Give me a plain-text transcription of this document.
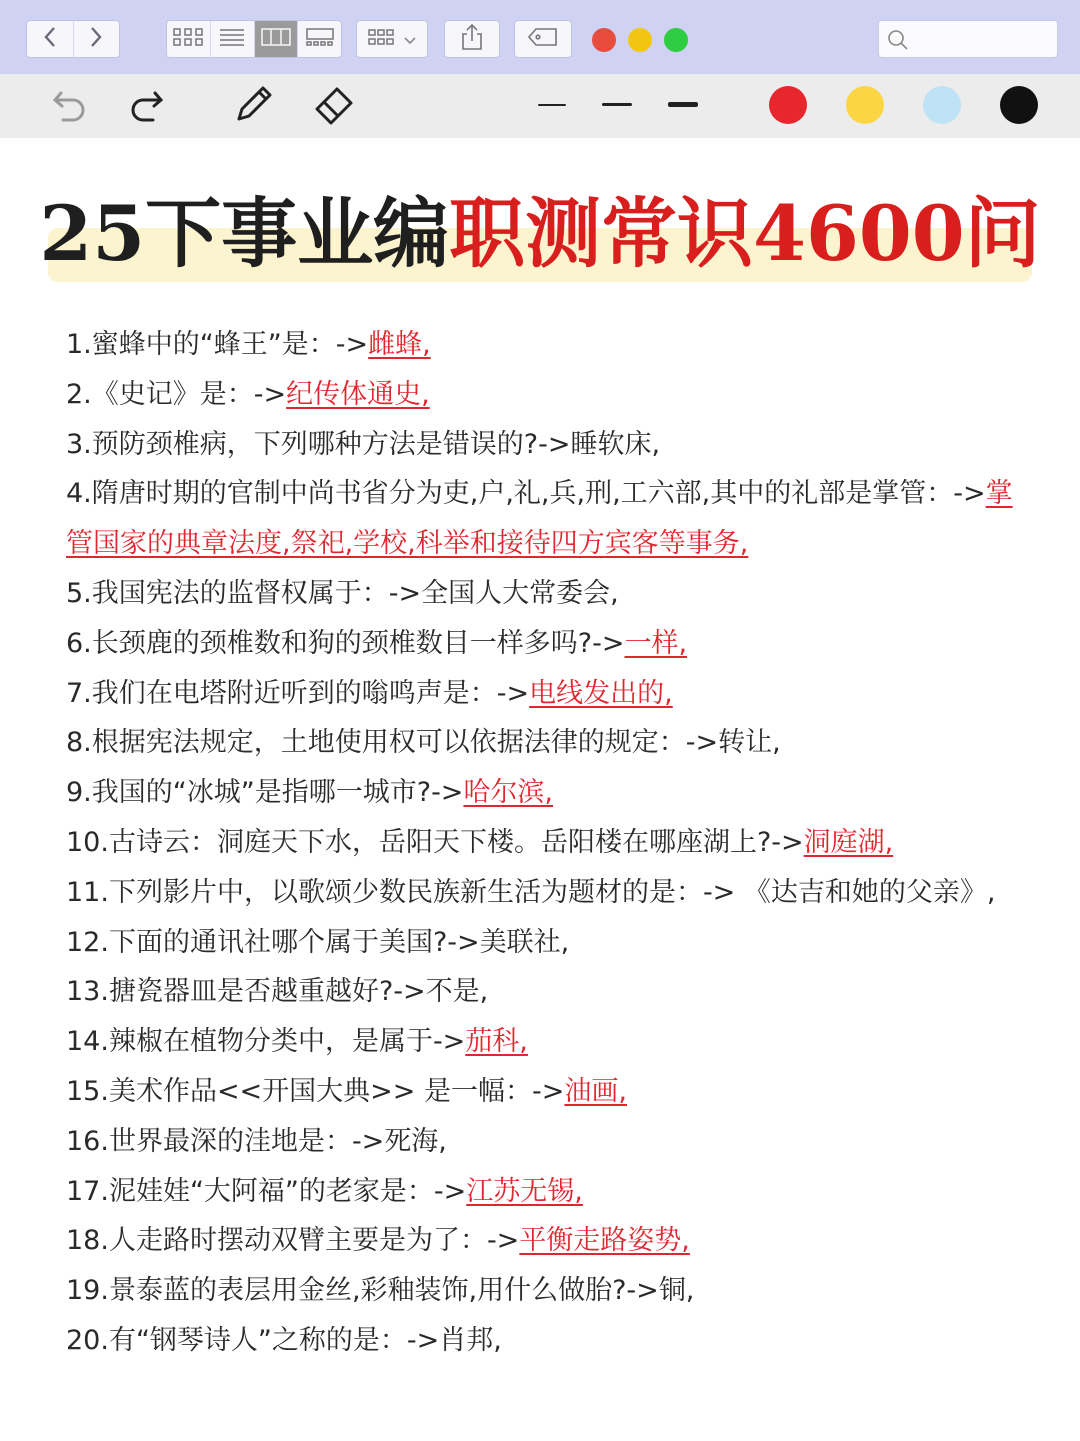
25下事业编职测常识4600问
1.蜜蜂中的“蜂王”是：->雌蜂,
2.《史记》是：->纪传体通史,
3.预防颈椎病，下列哪种方法是错误的?->睡软床,
4.隋唐时期的官制中尚书省分为吏,户,礼,兵,刑,工六部,其中的礼部是掌管：->掌管国家的典章法度,祭祀,学校,科举和接待四方宾客等事务,
5.我国宪法的监督权属于：->全国人大常委会,
6.长颈鹿的颈椎数和狗的颈椎数目一样多吗?->一样,
7.我们在电塔附近听到的嗡鸣声是：->电线发出的,
8.根据宪法规定，土地使用权可以依据法律的规定：->转让,
9.我国的“冰城”是指哪一城市?->哈尔滨,
10.古诗云：洞庭天下水，岳阳天下楼。岳阳楼在哪座湖上?->洞庭湖,
11.下列影片中，以歌颂少数民族新生活为题材的是：-> 《达吉和她的父亲》,
12.下面的通讯社哪个属于美国?->美联社,
13.搪瓷器皿是否越重越好?->不是,
14.辣椒在植物分类中，是属于->茄科,
15.美术作品<<开国大典>> 是一幅：->油画,
16.世界最深的洼地是：->死海,
17.泥娃娃“大阿福”的老家是：->江苏无锡,
18.人走路时摆动双臂主要是为了：->平衡走路姿势,
19.景泰蓝的表层用金丝,彩釉装饰,用什么做胎?->铜,
20.有“钢琴诗人”之称的是：->肖邦,
